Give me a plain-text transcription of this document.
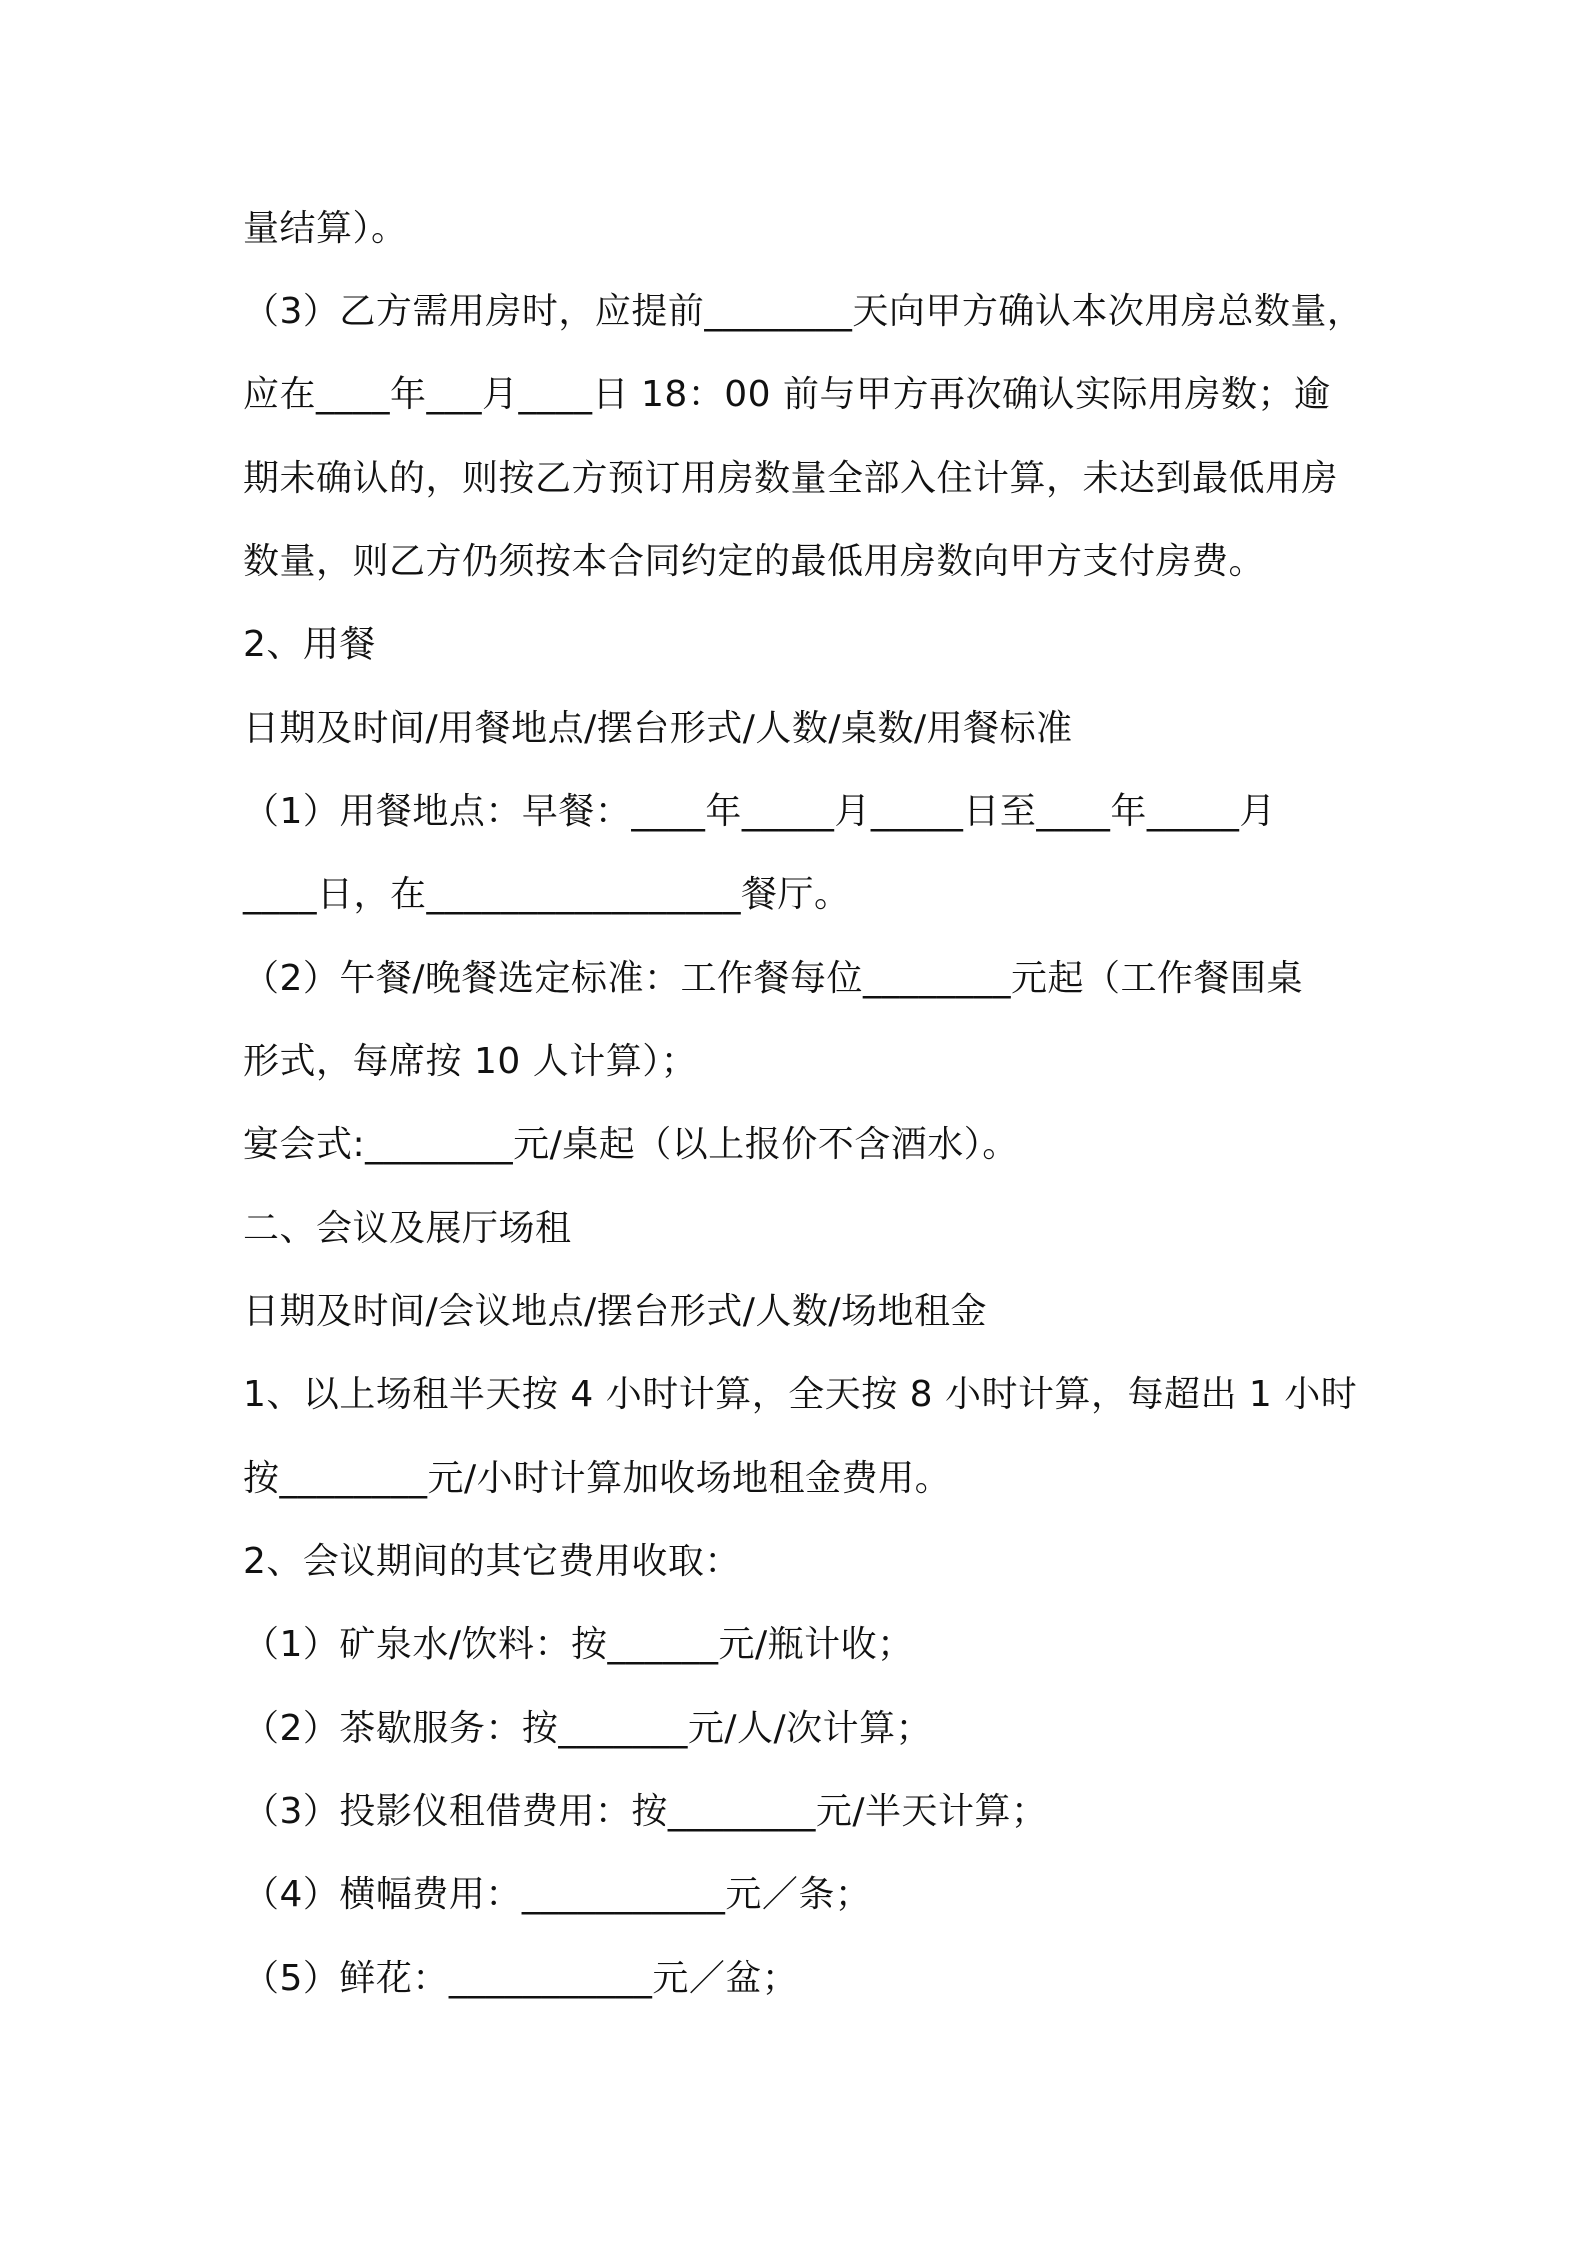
量结算）。
（3）乙方需用房时，应提前________天向甲方确认本次用房总数量，
应在____年___月____日 18：00 前与甲方再次确认实际用房数；逾
期未确认的，则按乙方预订用房数量全部入住计算，未达到最低用房
数量，则乙方仍须按本合同约定的最低用房数向甲方支付房费。
2、用餐
日期及时间/用餐地点/摆台形式/人数/桌数/用餐标准
（1）用餐地点：早餐：____年_____月_____日至____年_____月
____日，在_________________餐厅。
（2）午餐/晚餐选定标准：工作餐每位________元起（工作餐围桌
形式，每席按 10 人计算）；
宴会式:________元/桌起（以上报价不含酒水）。
二、会议及展厅场租
日期及时间/会议地点/摆台形式/人数/场地租金
1、以上场租半天按 4 小时计算，全天按 8 小时计算，每超出 1 小时
按________元/小时计算加收场地租金费用。
2、会议期间的其它费用收取：
（1）矿泉水/饮料：按______元/瓶计收；
（2）茶歇服务：按_______元/人/次计算；
（3）投影仪租借费用：按________元/半天计算；
（4）横幅费用：___________元／条；
（5）鲜花：___________元／盆；
